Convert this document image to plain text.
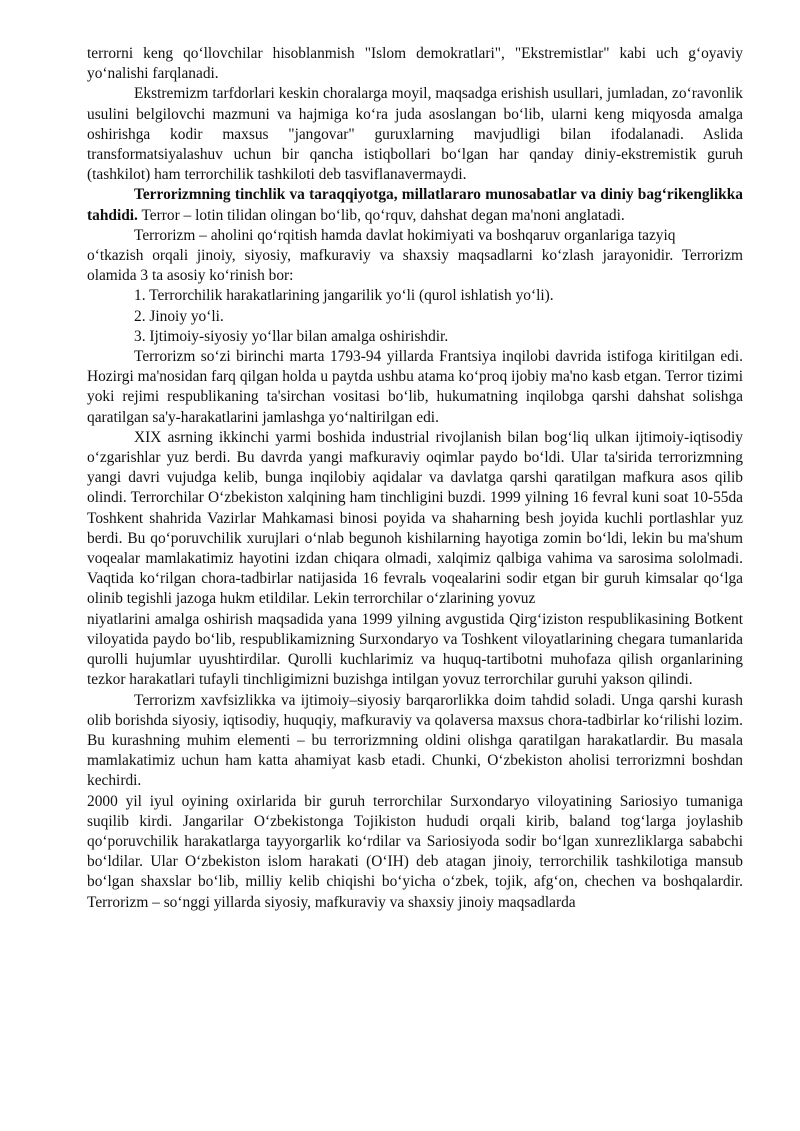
terrorni keng qo‘llovchilar hisoblanmish "Islom demokratlari", "Ekstremistlar" kabi uch g‘oyaviy yo‘nalishi farqlanadi.

Ekstremizm tarfdorlari keskin choralarga moyil, maqsadga erishish usullari, jumladan, zo‘ravonlik usulini belgilovchi mazmuni va hajmiga ko‘ra juda asoslangan bo‘lib, ularni keng miqyosda amalga oshirishga kodir maxsus "jangovar" guruxlarning mavjudligi bilan ifodalanadi. Aslida transformatsiyalashuv uchun bir qancha istiqbollari bo‘lgan har qanday diniy-ekstremistik guruh (tashkilot) ham terrorchilik tashkiloti deb tasviflanavermaydi.

Terrorizmning tinchlik va taraqqiyotga, millatlararo munosabatlar va diniy bag‘rikenglikka tahdidi. Terror – lotin tilidan olingan bo‘lib, qo‘rquv, dahshat degan ma'noni anglatadi.

Terrorizm – aholini qo‘rqitish hamda davlat hokimiyati va boshqaruv organlariga tazyiq

o‘tkazish orqali jinoiy, siyosiy, mafkuraviy va shaxsiy maqsadlarni ko‘zlash jarayonidir. Terrorizm olamida 3 ta asosiy ko‘rinish bor:

1. Terrorchilik harakatlarining jangarilik yo‘li (qurol ishlatish yo‘li).

2. Jinoiy yo‘li.

3. Ijtimoiy-siyosiy yo‘llar bilan amalga oshirishdir.

Terrorizm so‘zi birinchi marta 1793-94 yillarda Frantsiya inqilobi davrida istifoga kiritilgan edi. Hozirgi ma'nosidan farq qilgan holda u paytda ushbu atama ko‘proq ijobiy ma'no kasb etgan. Terror tizimi yoki rejimi respublikaning ta'sirchan vositasi bo‘lib, hukumatning inqilobga qarshi dahshat solishga qaratilgan sa'y-harakatlarini jamlashga yo‘naltirilgan edi.

XIX asrning ikkinchi yarmi boshida industrial rivojlanish bilan bog‘liq ulkan ijtimoiy-iqtisodiy o‘zgarishlar yuz berdi. Bu davrda yangi mafkuraviy oqimlar paydo bo‘ldi. Ular ta'sirida terrorizmning yangi davri vujudga kelib, bunga inqilobiy aqidalar va davlatga qarshi qaratilgan mafkura asos qilib olindi. Terrorchilar O‘zbekiston xalqining ham tinchligini buzdi. 1999 yilning 16 fevral kuni soat 10-55da Toshkent shahrida Vazirlar Mahkamasi binosi poyida va shaharning besh joyida kuchli portlashlar yuz berdi. Bu qo‘poruvchilik xurujlari o‘nlab begunoh kishilarning hayotiga zomin bo‘ldi, lekin bu ma'shum voqealar mamlakatimiz hayotini izdan chiqara olmadi, xalqimiz qalbiga vahima va sarosima sololmadi. Vaqtida ko‘rilgan chora-tadbirlar natijasida 16 fevralь voqealarini sodir etgan bir guruh kimsalar qo‘lga olinib tegishli jazoga hukm etildilar. Lekin terrorchilar o‘zlarining yovuz

niyatlarini amalga oshirish maqsadida yana 1999 yilning avgustida Qirg‘iziston respublikasining Botkent viloyatida paydo bo‘lib, respublikamizning Surxondaryo va Toshkent viloyatlarining chegara tumanlarida qurolli hujumlar uyushtirdilar. Qurolli kuchlarimiz va huquq-tartibotni muhofaza qilish organlarining tezkor harakatlari tufayli tinchligimizni buzishga intilgan yovuz terrorchilar guruhi yakson qilindi.

Terrorizm xavfsizlikka va ijtimoiy–siyosiy barqarorlikka doim tahdid soladi. Unga qarshi kurash olib borishda siyosiy, iqtisodiy, huquqiy, mafkuraviy va qolaversa maxsus chora-tadbirlar ko‘rilishi lozim. Bu kurashning muhim elementi – bu terrorizmning oldini olishga qaratilgan harakatlardir. Bu masala mamlakatimiz uchun ham katta ahamiyat kasb etadi. Chunki, O‘zbekiston aholisi terrorizmni boshdan kechirdi.

2000 yil iyul oyining oxirlarida bir guruh terrorchilar Surxondaryo viloyatining Sariosiyo tumaniga suqilib kirdi. Jangarilar O‘zbekistonga Tojikiston hududi orqali kirib, baland tog‘larga joylashib qo‘poruvchilik harakatlarga tayyorgarlik ko‘rdilar va Sariosiyoda sodir bo‘lgan xunrezliklarga sababchi bo‘ldilar. Ular O‘zbekiston islom harakati (O‘IH) deb atagan jinoiy, terrorchilik tashkilotiga mansub bo‘lgan shaxslar bo‘lib, milliy kelib chiqishi bo‘yicha o‘zbek, tojik, afg‘on, chechen va boshqalardir. Terrorizm – so‘nggi yillarda siyosiy, mafkuraviy va shaxsiy jinoiy maqsadlarda
